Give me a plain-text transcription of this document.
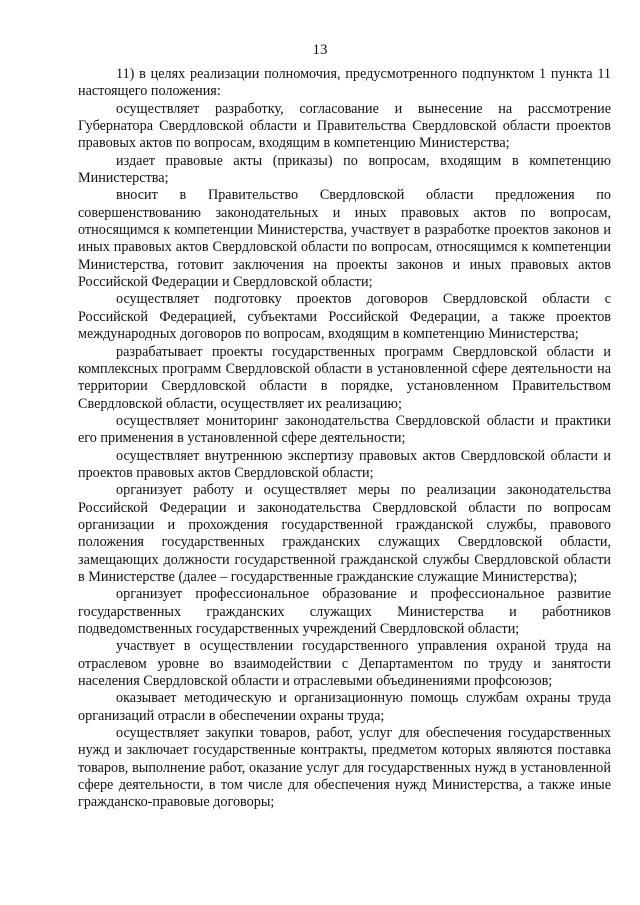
13

11) в целях реализации полномочия, предусмотренного подпунктом 1 пункта 11 настоящего положения:

осуществляет разработку, согласование и вынесение на рассмотрение Губернатора Свердловской области и Правительства Свердловской области проектов правовых актов по вопросам, входящим в компетенцию Министерства;

издает правовые акты (приказы) по вопросам, входящим в компетенцию Министерства;

вносит в Правительство Свердловской области предложения по совершенствованию законодательных и иных правовых актов по вопросам, относящимся к компетенции Министерства, участвует в разработке проектов законов и иных правовых актов Свердловской области по вопросам, относящимся к компетенции Министерства, готовит заключения на проекты законов и иных правовых актов Российской Федерации и Свердловской области;

осуществляет подготовку проектов договоров Свердловской области с Российской Федерацией, субъектами Российской Федерации, а также проектов международных договоров по вопросам, входящим в компетенцию Министерства;

разрабатывает проекты государственных программ Свердловской области и комплексных программ Свердловской области в установленной сфере деятельности на территории Свердловской области в порядке, установленном Правительством Свердловской области, осуществляет их реализацию;

осуществляет мониторинг законодательства Свердловской области и практики его применения в установленной сфере деятельности;

осуществляет внутреннюю экспертизу правовых актов Свердловской области и проектов правовых актов Свердловской области;

организует работу и осуществляет меры по реализации законодательства Российской Федерации и законодательства Свердловской области по вопросам организации и прохождения государственной гражданской службы, правового положения государственных гражданских служащих Свердловской области, замещающих должности государственной гражданской службы Свердловской области в Министерстве (далее – государственные гражданские служащие Министерства);

организует профессиональное образование и профессиональное развитие государственных гражданских служащих Министерства и работников подведомственных государственных учреждений Свердловской области;

участвует в осуществлении государственного управления охраной труда на отраслевом уровне во взаимодействии с Департаментом по труду и занятости населения Свердловской области и отраслевыми объединениями профсоюзов;

оказывает методическую и организационную помощь службам охраны труда организаций отрасли в обеспечении охраны труда;

осуществляет закупки товаров, работ, услуг для обеспечения государственных нужд и заключает государственные контракты, предметом которых являются поставка товаров, выполнение работ, оказание услуг для государственных нужд в установленной сфере деятельности, в том числе для обеспечения нужд Министерства, а также иные гражданско-правовые договоры;
